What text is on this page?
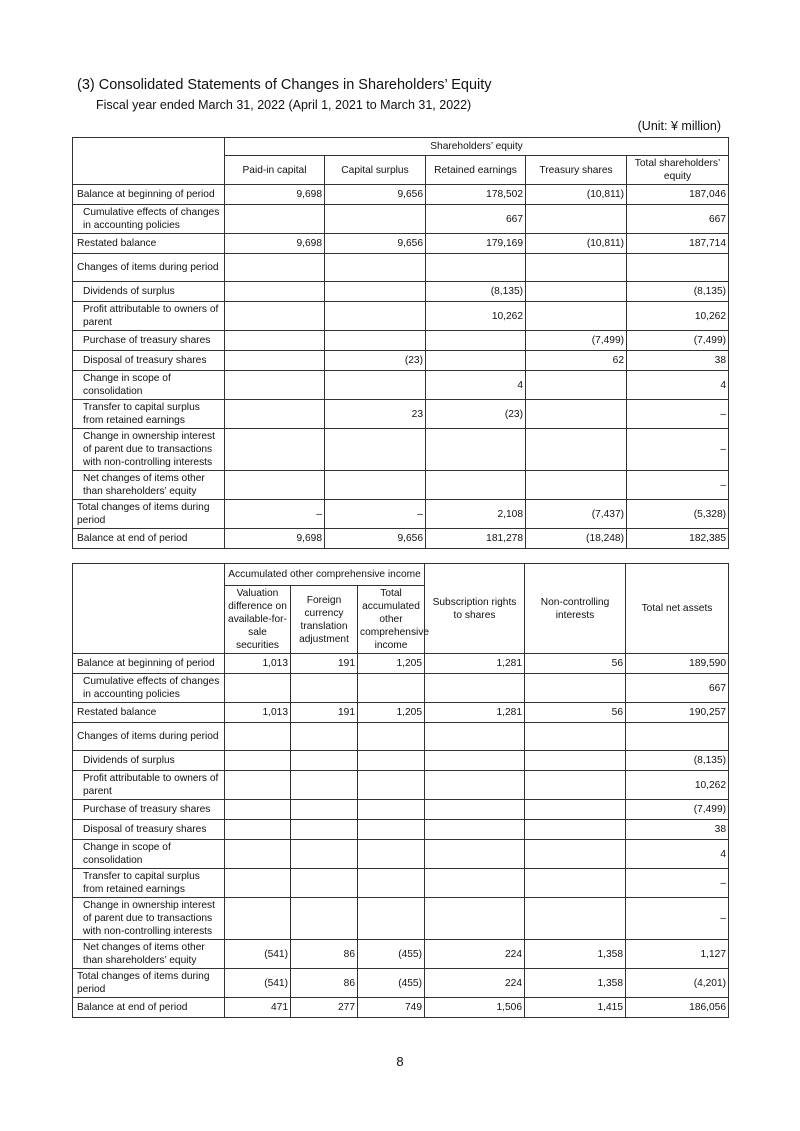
(3) Consolidated Statements of Changes in Shareholders’ Equity
Fiscal year ended March 31, 2022 (April 1, 2021 to March 31, 2022)
(Unit: ¥ million)
	Shareholders’ equity				
	Paid-in capital	Capital surplus	Retained earnings	Treasury shares	Total shareholders’ equity
Balance at beginning of period	9,698	9,656	178,502	(10,811)	187,046
Cumulative effects of changes in accounting policies			667		667
Restated balance	9,698	9,656	179,169	(10,811)	187,714
Changes of items during period					
Dividends of surplus			(8,135)		(8,135)
Profit attributable to owners of parent			10,262		10,262
Purchase of treasury shares				(7,499)	(7,499)
Disposal of treasury shares		(23)		62	38
Change in scope of consolidation			4		4
Transfer to capital surplus from retained earnings		23	(23)		–
Change in ownership interest of parent due to transactions with non-controlling interests					–
Net changes of items other than shareholders’ equity					–
Total changes of items during period	–	–	2,108	(7,437)	(5,328)
Balance at end of period	9,698	9,656	181,278	(18,248)	182,385
	Accumulated other comprehensive income			Subscription rights to shares	Non-controlling interests	Total net assets
	Valuation difference on available-for-sale securities	Foreign currency translation adjustment	Total accumulated other comprehensive income			
Balance at beginning of period	1,013	191	1,205	1,281	56	189,590
Cumulative effects of changes in accounting policies						667
Restated balance	1,013	191	1,205	1,281	56	190,257
Changes of items during period						
Dividends of surplus						(8,135)
Profit attributable to owners of parent						10,262
Purchase of treasury shares						(7,499)
Disposal of treasury shares						38
Change in scope of consolidation						4
Transfer to capital surplus from retained earnings						–
Change in ownership interest of parent due to transactions with non-controlling interests						–
Net changes of items other than shareholders’ equity	(541)	86	(455)	224	1,358	1,127
Total changes of items during period	(541)	86	(455)	224	1,358	(4,201)
Balance at end of period	471	277	749	1,506	1,415	186,056
8
